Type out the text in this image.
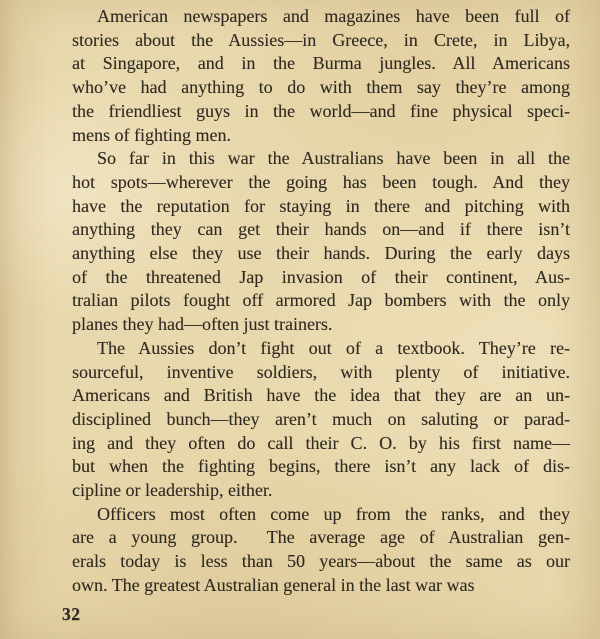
American newspapers and magazines have been full of
stories about the Aussies—in Greece, in Crete, in Libya,
at Singapore, and in the Burma jungles. All Americans
who’ve had anything to do with them say they’re among
the friendliest guys in the world—and fine physical speci-
mens of fighting men.
So far in this war the Australians have been in all the
hot spots—wherever the going has been tough. And they
have the reputation for staying in there and pitching with
anything they can get their hands on—and if there isn’t
anything else they use their hands. During the early days
of the threatened Jap invasion of their continent, Aus-
tralian pilots fought off armored Jap bombers with the only
planes they had—often just trainers.
The Aussies don’t fight out of a textbook. They’re re-
sourceful, inventive soldiers, with plenty of initiative.
Americans and British have the idea that they are an un-
disciplined bunch—they aren’t much on saluting or parad-
ing and they often do call their C. O. by his first name—
but when the fighting begins, there isn’t any lack of dis-
cipline or leadership, either.
Officers most often come up from the ranks, and they
are a young group.  The average age of Australian gen-
erals today is less than 50 years—about the same as our
own. The greatest Australian general in the last war was
32
